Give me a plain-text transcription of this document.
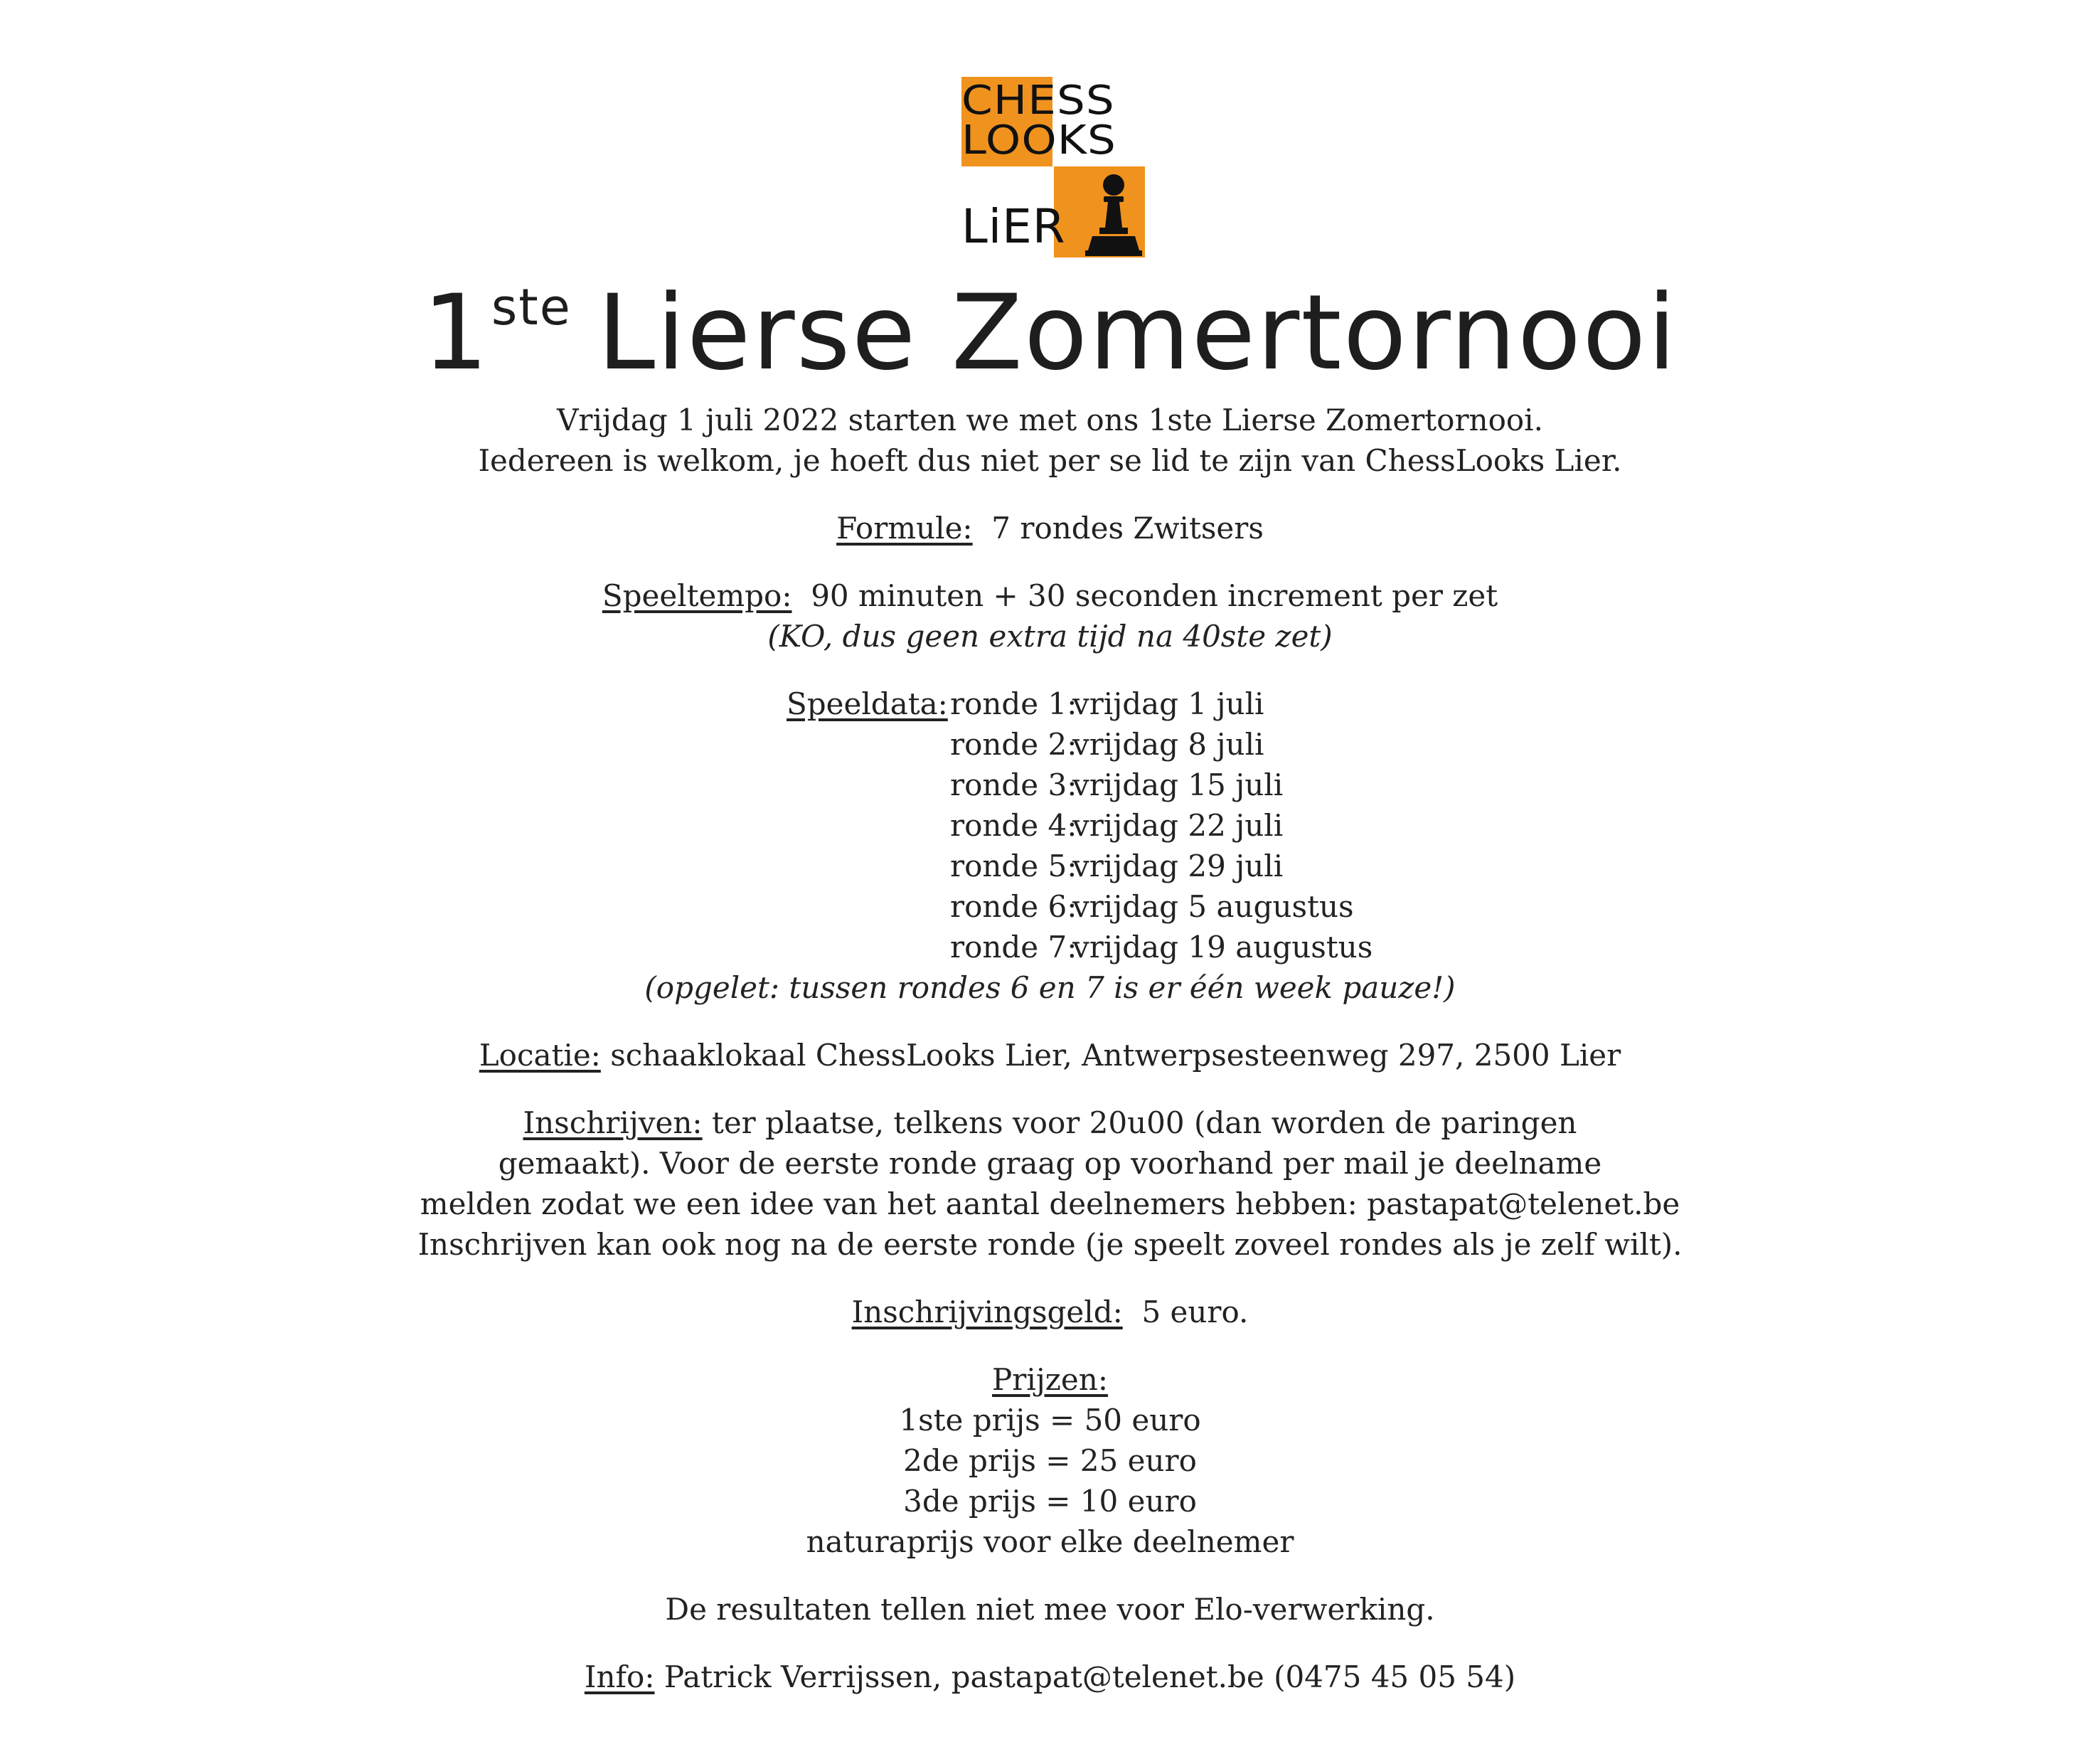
CHESS
LOOKS
LiER
1ste Lierse Zomertornooi
Vrijdag 1 juli 2022 starten we met ons 1ste Lierse Zomertornooi.
Iedereen is welkom, je hoeft dus niet per se lid te zijn van ChessLooks Lier.
Formule: 7 rondes Zwitsers
Speeltempo: 90 minuten + 30 seconden increment per zet
(KO, dus geen extra tijd na 40ste zet)
Speeldata: ronde 1:
vrijdag 1 juli
ronde 2:
vrijdag 8 juli
ronde 3:
vrijdag 15 juli
ronde 4:
vrijdag 22 juli
ronde 5:
vrijdag 29 juli
ronde 6:
vrijdag 5 augustus
ronde 7:
vrijdag 19 augustus
(opgelet: tussen rondes 6 en 7 is er één week pauze!)
Locatie: schaaklokaal ChessLooks Lier, Antwerpsesteenweg 297, 2500 Lier
Inschrijven: ter plaatse, telkens voor 20u00 (dan worden de paringen
gemaakt). Voor de eerste ronde graag op voorhand per mail je deelname
melden zodat we een idee van het aantal deelnemers hebben: pastapat@telenet.be
Inschrijven kan ook nog na de eerste ronde (je speelt zoveel rondes als je zelf wilt).
Inschrijvingsgeld: 5 euro.
Prijzen:
1ste prijs = 50 euro
2de prijs = 25 euro
3de prijs = 10 euro
naturaprijs voor elke deelnemer
De resultaten tellen niet mee voor Elo-verwerking.
Info: Patrick Verrijssen, pastapat@telenet.be (0475 45 05 54)
